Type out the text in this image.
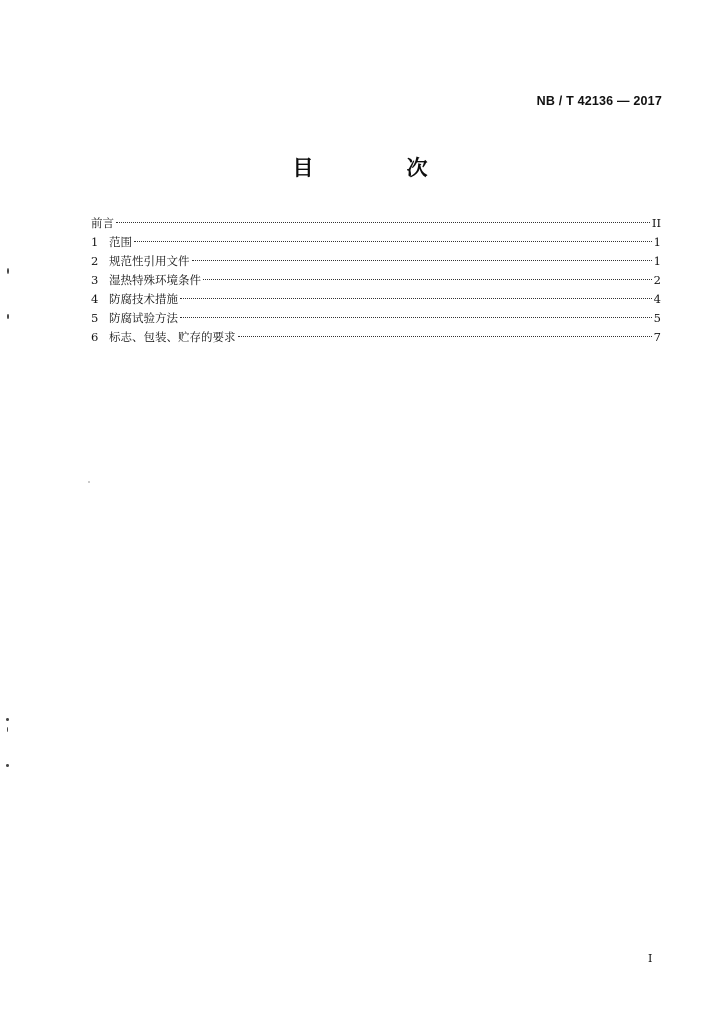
NB / T 42136 — 2017
目　次
前言	II
1 范围	1
2 规范性引用文件	1
3 湿热特殊环境条件	2
4 防腐技术措施	4
5 防腐试验方法	5
6 标志、包装、贮存的要求	7
I
